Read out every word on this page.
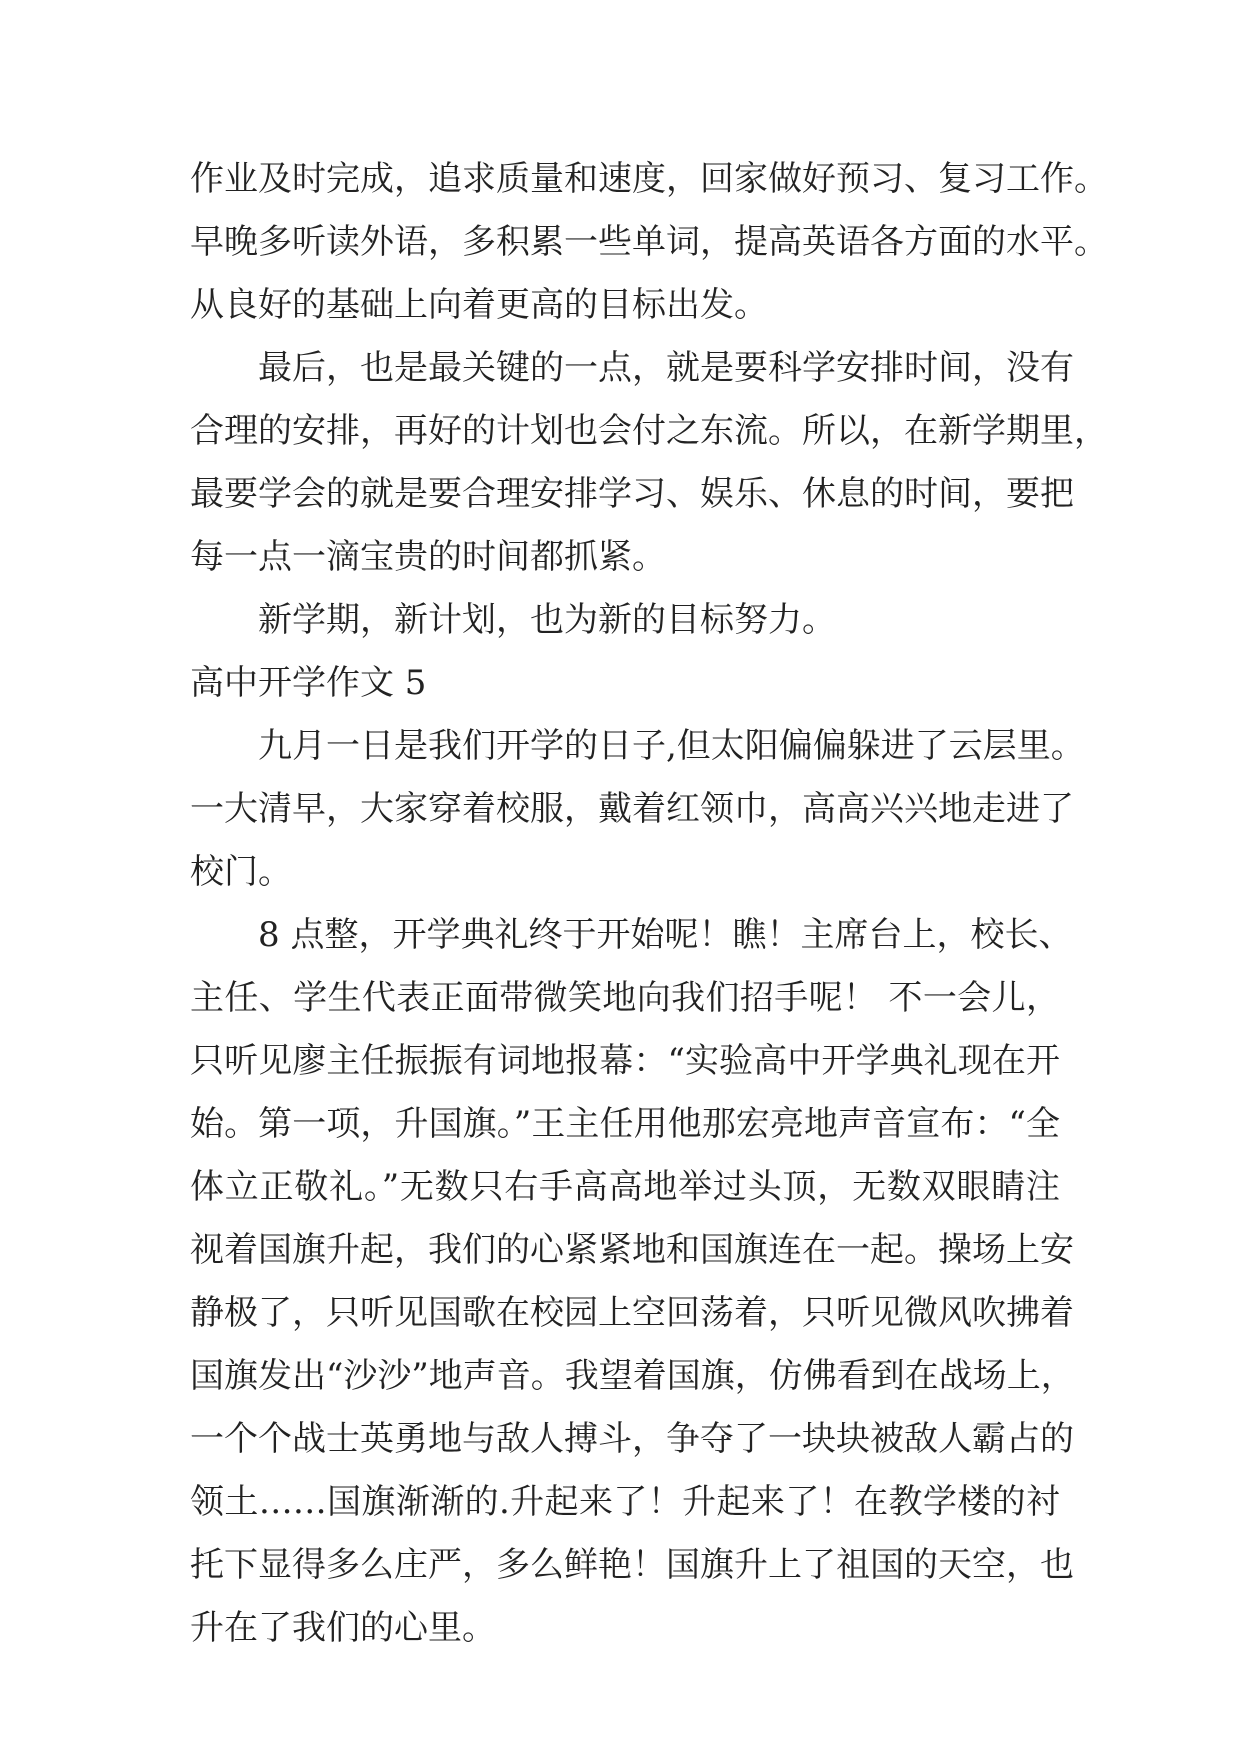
作业及时完成，追求质量和速度，回家做好预习、复习工作。
早晚多听读外语，多积累一些单词，提高英语各方面的水平。
从良好的基础上向着更高的目标出发。
最后，也是最关键的一点，就是要科学安排时间，没有
合理的安排，再好的计划也会付之东流。所以，在新学期里，
最要学会的就是要合理安排学习、娱乐、休息的时间，要把
每一点一滴宝贵的时间都抓紧。
新学期，新计划，也为新的目标努力。
高中开学作文 5
九月一日是我们开学的日子,但太阳偏偏躲进了云层里。
一大清早，大家穿着校服，戴着红领巾，高高兴兴地走进了
校门。
8 点整，开学典礼终于开始呢！瞧！主席台上，校长、
主任、学生代表正面带微笑地向我们招手呢！ 不一会儿，
只听见廖主任振振有词地报幕：“实验高中开学典礼现在开
始。第一项，升国旗。”王主任用他那宏亮地声音宣布：“全
体立正敬礼。”无数只右手高高地举过头顶，无数双眼睛注
视着国旗升起，我们的心紧紧地和国旗连在一起。操场上安
静极了，只听见国歌在校园上空回荡着，只听见微风吹拂着
国旗发出“沙沙”地声音。我望着国旗，仿佛看到在战场上，
一个个战士英勇地与敌人搏斗，争夺了一块块被敌人霸占的
领土……国旗渐渐的.升起来了！升起来了！在教学楼的衬
托下显得多么庄严，多么鲜艳！国旗升上了祖国的天空，也
升在了我们的心里。
